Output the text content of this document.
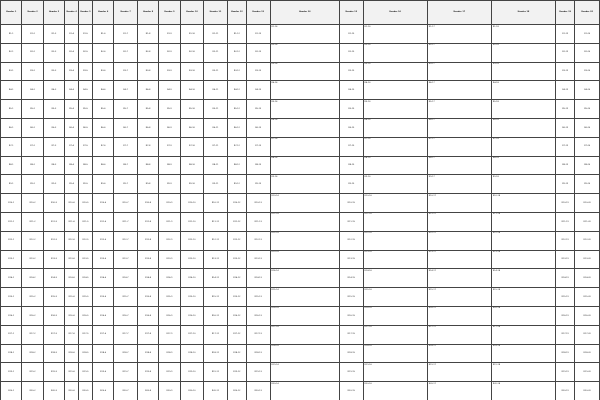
Header 1	Header 2	Header 3	Header 4	Header 5	Header 6	Header 7	Header 8	Header 9	Header 10	Header 11	Header 12	Header 13	Header 14	Header 15	Header 16	Header 17	Header 18	Header 19	Header 20
R1-1	R1-2	R1-3	R1-4	R1-5	R1-6	R1-7	R1-8	R1-9	R1-10	R1-11	R1-12	R1-13	R1-14	R1-15	R1-16	R1-17	R1-18	R1-19	R1-20
R2-1	R2-2	R2-3	R2-4	R2-5	R2-6	R2-7	R2-8	R2-9	R2-10	R2-11	R2-12	R2-13	R2-14	R2-15	R2-16	R2-17	R2-18	R2-19	R2-20
R3-1	R3-2	R3-3	R3-4	R3-5	R3-6	R3-7	R3-8	R3-9	R3-10	R3-11	R3-12	R3-13	R3-14	R3-15	R3-16	R3-17	R3-18	R3-19	R3-20
R4-1	R4-2	R4-3	R4-4	R4-5	R4-6	R4-7	R4-8	R4-9	R4-10	R4-11	R4-12	R4-13	R4-14	R4-15	R4-16	R4-17	R4-18	R4-19	R4-20
R5-1	R5-2	R5-3	R5-4	R5-5	R5-6	R5-7	R5-8	R5-9	R5-10	R5-11	R5-12	R5-13	R5-14	R5-15	R5-16	R5-17	R5-18	R5-19	R5-20
R6-1	R6-2	R6-3	R6-4	R6-5	R6-6	R6-7	R6-8	R6-9	R6-10	R6-11	R6-12	R6-13	R6-14	R6-15	R6-16	R6-17	R6-18	R6-19	R6-20
R7-1	R7-2	R7-3	R7-4	R7-5	R7-6	R7-7	R7-8	R7-9	R7-10	R7-11	R7-12	R7-13	R7-14	R7-15	R7-16	R7-17	R7-18	R7-19	R7-20
R8-1	R8-2	R8-3	R8-4	R8-5	R8-6	R8-7	R8-8	R8-9	R8-10	R8-11	R8-12	R8-13	R8-14	R8-15	R8-16	R8-17	R8-18	R8-19	R8-20
R9-1	R9-2	R9-3	R9-4	R9-5	R9-6	R9-7	R9-8	R9-9	R9-10	R9-11	R9-12	R9-13	R9-14	R9-15	R9-16	R9-17	R9-18	R9-19	R9-20
R10-1	R10-2	R10-3	R10-4	R10-5	R10-6	R10-7	R10-8	R10-9	R10-10	R10-11	R10-12	R10-13	R10-14	R10-15	R10-16	R10-17	R10-18	R10-19	R10-20
R11-1	R11-2	R11-3	R11-4	R11-5	R11-6	R11-7	R11-8	R11-9	R11-10	R11-11	R11-12	R11-13	R11-14	R11-15	R11-16	R11-17	R11-18	R11-19	R11-20
R12-1	R12-2	R12-3	R12-4	R12-5	R12-6	R12-7	R12-8	R12-9	R12-10	R12-11	R12-12	R12-13	R12-14	R12-15	R12-16	R12-17	R12-18	R12-19	R12-20
R13-1	R13-2	R13-3	R13-4	R13-5	R13-6	R13-7	R13-8	R13-9	R13-10	R13-11	R13-12	R13-13	R13-14	R13-15	R13-16	R13-17	R13-18	R13-19	R13-20
R14-1	R14-2	R14-3	R14-4	R14-5	R14-6	R14-7	R14-8	R14-9	R14-10	R14-11	R14-12	R14-13	R14-14	R14-15	R14-16	R14-17	R14-18	R14-19	R14-20
R15-1	R15-2	R15-3	R15-4	R15-5	R15-6	R15-7	R15-8	R15-9	R15-10	R15-11	R15-12	R15-13	R15-14	R15-15	R15-16	R15-17	R15-18	R15-19	R15-20
R16-1	R16-2	R16-3	R16-4	R16-5	R16-6	R16-7	R16-8	R16-9	R16-10	R16-11	R16-12	R16-13	R16-14	R16-15	R16-16	R16-17	R16-18	R16-19	R16-20
R17-1	R17-2	R17-3	R17-4	R17-5	R17-6	R17-7	R17-8	R17-9	R17-10	R17-11	R17-12	R17-13	R17-14	R17-15	R17-16	R17-17	R17-18	R17-19	R17-20
R18-1	R18-2	R18-3	R18-4	R18-5	R18-6	R18-7	R18-8	R18-9	R18-10	R18-11	R18-12	R18-13	R18-14	R18-15	R18-16	R18-17	R18-18	R18-19	R18-20
R19-1	R19-2	R19-3	R19-4	R19-5	R19-6	R19-7	R19-8	R19-9	R19-10	R19-11	R19-12	R19-13	R19-14	R19-15	R19-16	R19-17	R19-18	R19-19	R19-20
R20-1	R20-2	R20-3	R20-4	R20-5	R20-6	R20-7	R20-8	R20-9	R20-10	R20-11	R20-12	R20-13	R20-14	R20-15	R20-16	R20-17	R20-18	R20-19	R20-20
